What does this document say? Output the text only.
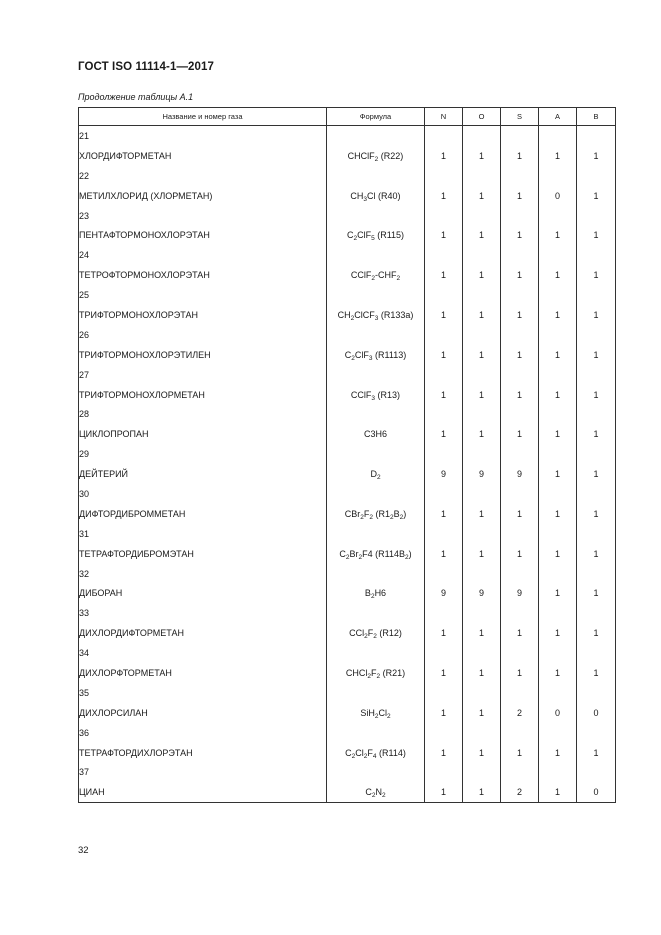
ГОСТ ISO 11114-1—2017
Продолжение таблицы А.1
Название и номер газа	Формула	N	O	S	A	B
21						
ХЛОРДИФТОРМЕТАН	CHClF$_2$ (R22)	1	1	1	1	1
22						
МЕТИЛХЛОРИД (ХЛОРМЕТАН)	$CH_3Cl$ (R40)	1	1	1	0	1
23						
ПЕНТАФТОРМОНОХЛОРЭТАН	$C_2ClF_5$ (R115)	1	1	1	1	1
24						
ТЕТРОФТОРМОНОХЛОРЭТАН	$CClF_2-CHF_2$	1	1	1	1	1
25						
ТРИФТОРМОНОХЛОРЭТАН	$CH_2ClCF_3$ (R133a)	1	1	1	1	1
26						
ТРИФТОРМОНОХЛОРЭТИЛЕН	$C_2ClF_3$ (R1113)	1	1	1	1	1
27						
ТРИФТОРМОНОХЛОРМЕТАН	CClF$_3$ (R13)	1	1	1	1	1
28						
ЦИКЛОПРОПАН	C3H6	1	1	1	1	1
29						
ДЕЙТЕРИЙ	$D_2$	9	9	9	1	1
30						
ДИФТОРДИБРОММЕТАН	$CBr_2F_2$ $(R1_2B_2)$	1	1	1	1	1
31						
ТЕТРАФТОРДИБРОМЭТАН	$C_2Br_2F4$ $(R114B_2)$	1	1	1	1	1
32						
ДИБОРАН	$B_2H6$	9	9	9	1	1
33						
ДИХЛОРДИФТОРМЕТАН	$CCl_2F_2$ (R12)	1	1	1	1	1
34						
ДИХЛОРФТОРМЕТАН	$CHCl_2F_2$ (R21)	1	1	1	1	1
35						
ДИХЛОРСИЛАН	$SiH_2Cl_2$	1	1	2	0	0
36						
ТЕТРАФТОРДИХЛОРЭТАН	$C_2Cl_2F_4$ (R114)	1	1	1	1	1
37						
ЦИАН	$C_2N_2$	1	1	2	1	0
32
